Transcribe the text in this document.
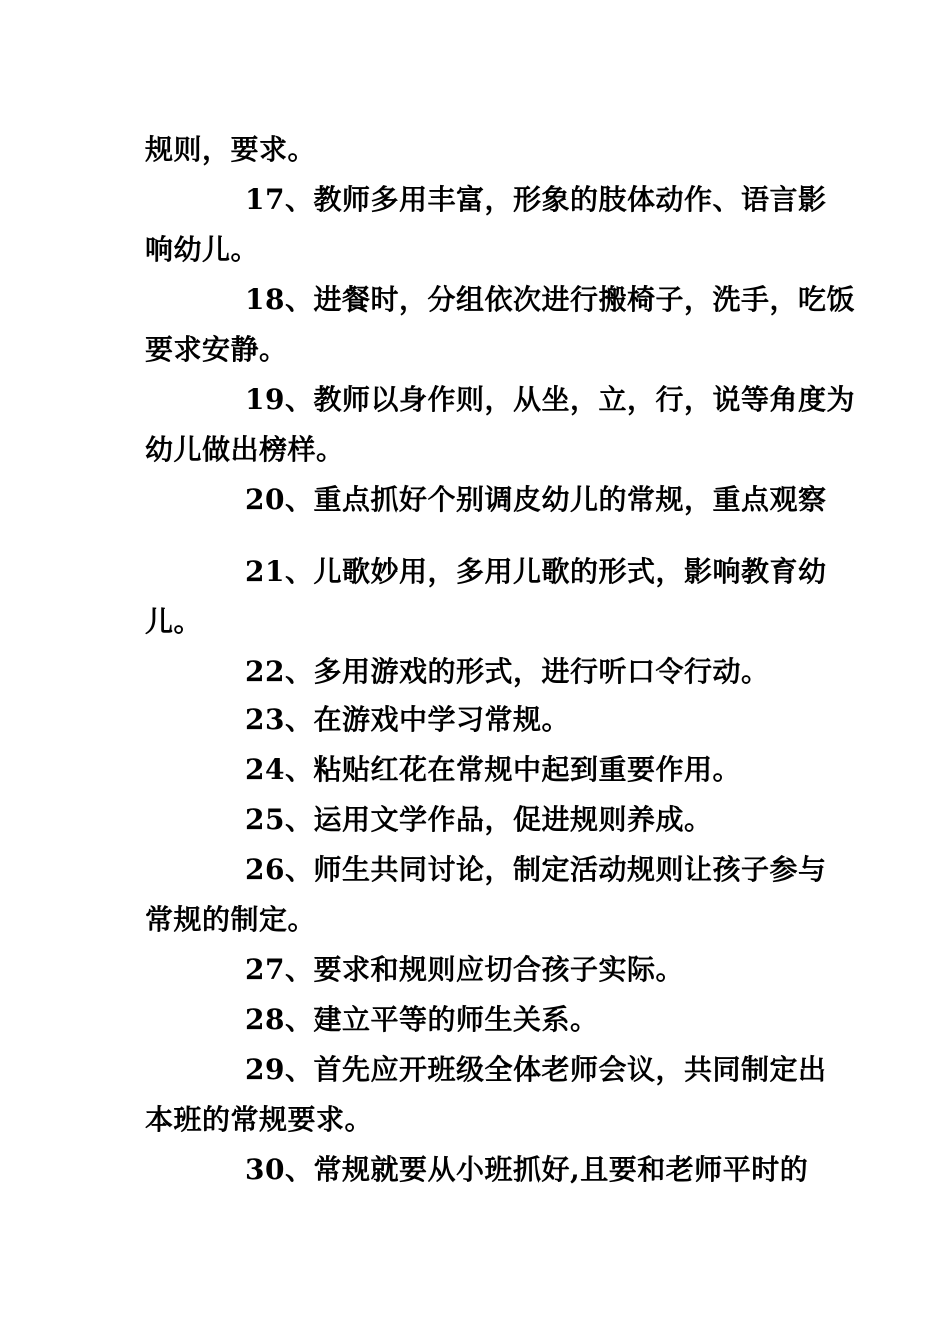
规则，要求。
17、教师多用丰富，形象的肢体动作、语言影
响幼儿。
18、进餐时，分组依次进行搬椅子，洗手，吃饭
要求安静。
19、教师以身作则，从坐，立，行，说等角度为
幼儿做出榜样。
20、重点抓好个别调皮幼儿的常规，重点观察
21、儿歌妙用，多用儿歌的形式，影响教育幼
儿。
22、多用游戏的形式，进行听口令行动。
23、在游戏中学习常规。
24、粘贴红花在常规中起到重要作用。
25、运用文学作品，促进规则养成。
26、师生共同讨论，制定活动规则让孩子参与
常规的制定。
27、要求和规则应切合孩子实际。
28、建立平等的师生关系。
29、首先应开班级全体老师会议，共同制定出
本班的常规要求。
30、常规就要从小班抓好,且要和老师平时的
